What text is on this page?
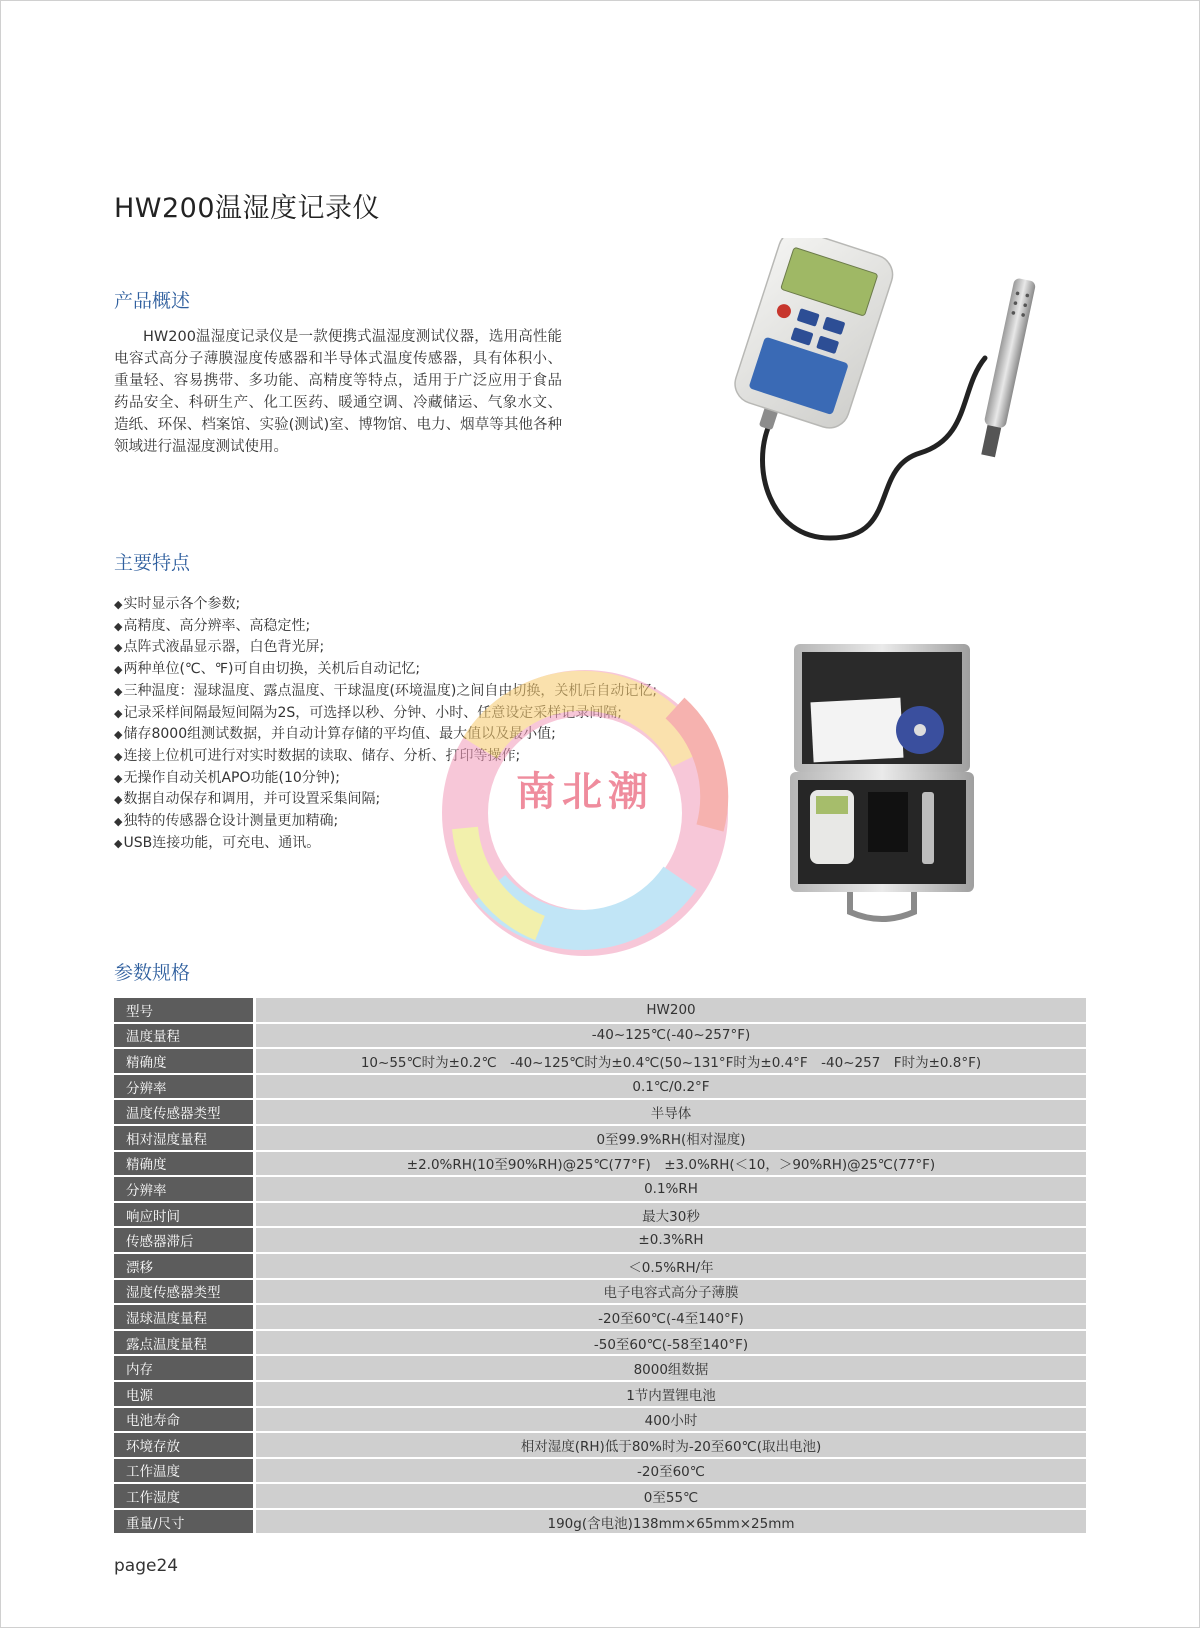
HW200温湿度记录仪
产品概述
HW200温湿度记录仪是一款便携式温湿度测试仪器，选用高性能电容式高分子薄膜湿度传感器和半导体式温度传感器，具有体积小、重量轻、容易携带、多功能、高精度等特点，适用于广泛应用于食品药品安全、科研生产、化工医药、暖通空调、冷藏储运、气象水文、造纸、环保、档案馆、实验(测试)室、博物馆、电力、烟草等其他各种领域进行温湿度测试使用。
主要特点
◆ 实时显示各个参数;
◆ 高精度、高分辨率、高稳定性;
◆ 点阵式液晶显示器，白色背光屏;
◆ 两种单位(℃、℉)可自由切换，关机后自动记忆;
◆ 三种温度：湿球温度、露点温度、干球温度(环境温度)之间自由切换，关机后自动记忆;
◆ 记录采样间隔最短间隔为2S，可选择以秒、分钟、小时、任意设定采样记录间隔;
◆ 储存8000组测试数据，并自动计算存储的平均值、最大值以及最小值;
◆ 连接上位机可进行对实时数据的读取、储存、分析、打印等操作;
◆ 无操作自动关机APO功能(10分钟);
◆ 数据自动保存和调用，并可设置采集间隔;
◆ 独特的传感器仓设计测量更加精确;
◆ USB连接功能，可充电、通讯。
南北潮
nbchao.com
400-600-7498
参数规格
型号	HW200
温度量程	-40~125℃(-40~257°F)
精确度	10~55℃时为±0.2℃　-40~125℃时为±0.4℃(50~131°F时为±0.4°F　-40~257　F时为±0.8°F)
分辨率	0.1℃/0.2°F
温度传感器类型	半导体
相对湿度量程	0至99.9%RH(相对湿度)
精确度	±2.0%RH(10至90%RH)@25℃(77°F)　±3.0%RH(＜10，＞90%RH)@25℃(77°F)
分辨率	0.1%RH
响应时间	最大30秒
传感器滞后	±0.3%RH
漂移	＜0.5%RH/年
湿度传感器类型	电子电容式高分子薄膜
湿球温度量程	-20至60℃(-4至140°F)
露点温度量程	-50至60℃(-58至140°F)
内存	8000组数据
电源	1节内置锂电池
电池寿命	400小时
环境存放	相对湿度(RH)低于80%时为-20至60℃(取出电池)
工作温度	-20至60℃
工作湿度	0至55℃
重量/尺寸	190g(含电池)138mm×65mm×25mm
page24
